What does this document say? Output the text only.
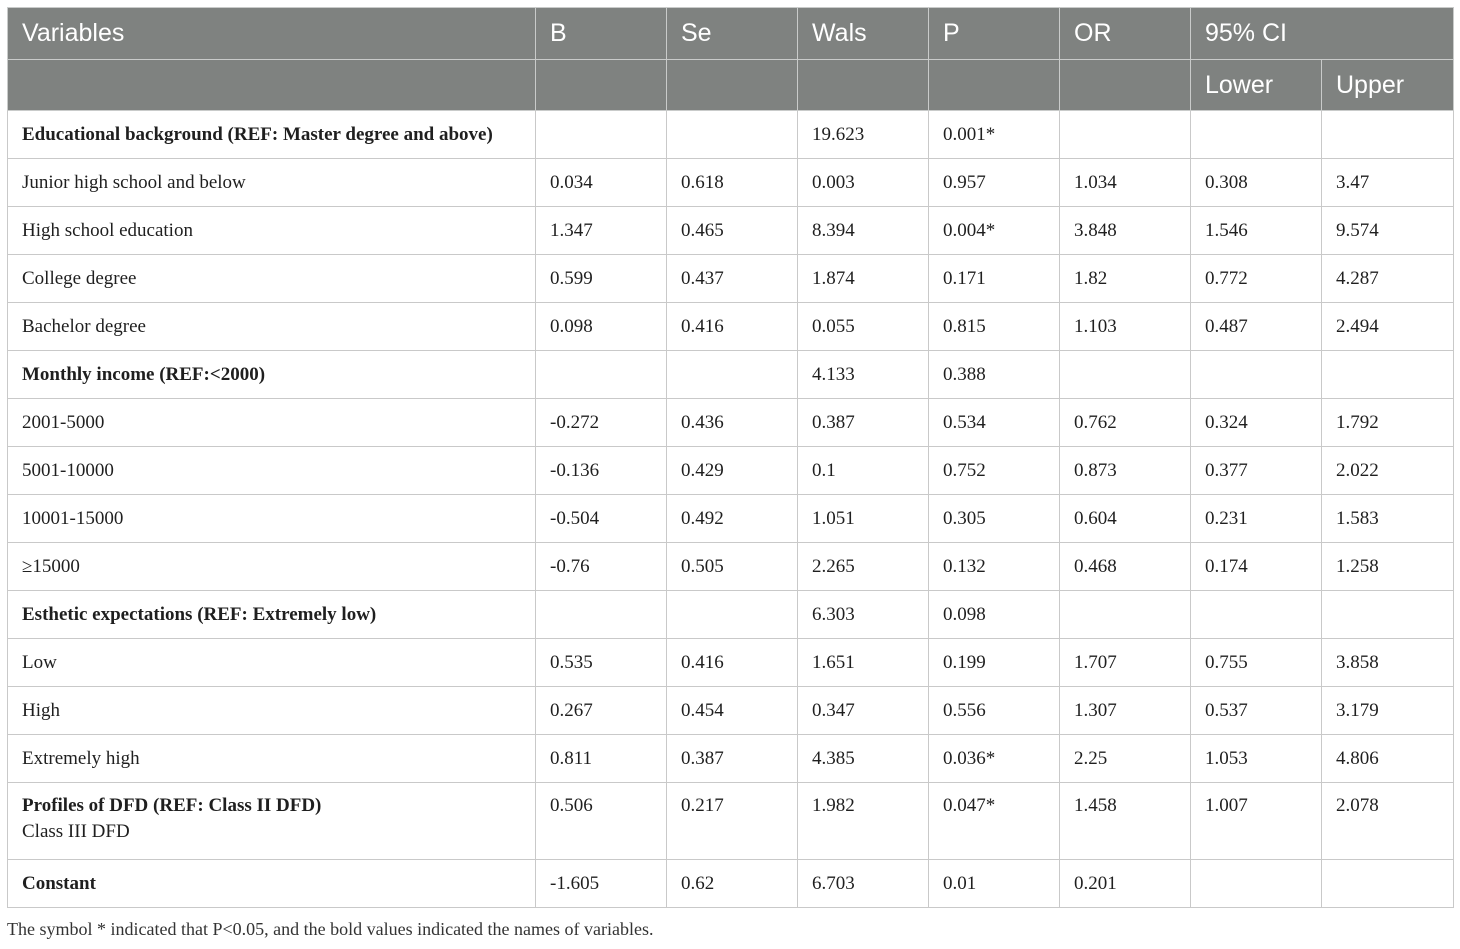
Variables	B	Se	Wals	P	OR	95% CI	
						Lower	Upper
Educational background (REF: Master degree and above)			19.623	0.001*			
Junior high school and below	0.034	0.618	0.003	0.957	1.034	0.308	3.47
High school education	1.347	0.465	8.394	0.004*	3.848	1.546	9.574
College degree	0.599	0.437	1.874	0.171	1.82	0.772	4.287
Bachelor degree	0.098	0.416	0.055	0.815	1.103	0.487	2.494
Monthly income (REF:<2000)			4.133	0.388			
2001-5000	-0.272	0.436	0.387	0.534	0.762	0.324	1.792
5001-10000	-0.136	0.429	0.1	0.752	0.873	0.377	2.022
10001-15000	-0.504	0.492	1.051	0.305	0.604	0.231	1.583
≥15000	-0.76	0.505	2.265	0.132	0.468	0.174	1.258
Esthetic expectations (REF: Extremely low)			6.303	0.098			
Low	0.535	0.416	1.651	0.199	1.707	0.755	3.858
High	0.267	0.454	0.347	0.556	1.307	0.537	3.179
Extremely high	0.811	0.387	4.385	0.036*	2.25	1.053	4.806
Profiles of DFD (REF: Class II DFD)
Class III DFD	0.506	0.217	1.982	0.047*	1.458	1.007	2.078
Constant	-1.605	0.62	6.703	0.01	0.201		
The symbol * indicated that P<0.05, and the bold values indicated the names of variables.
